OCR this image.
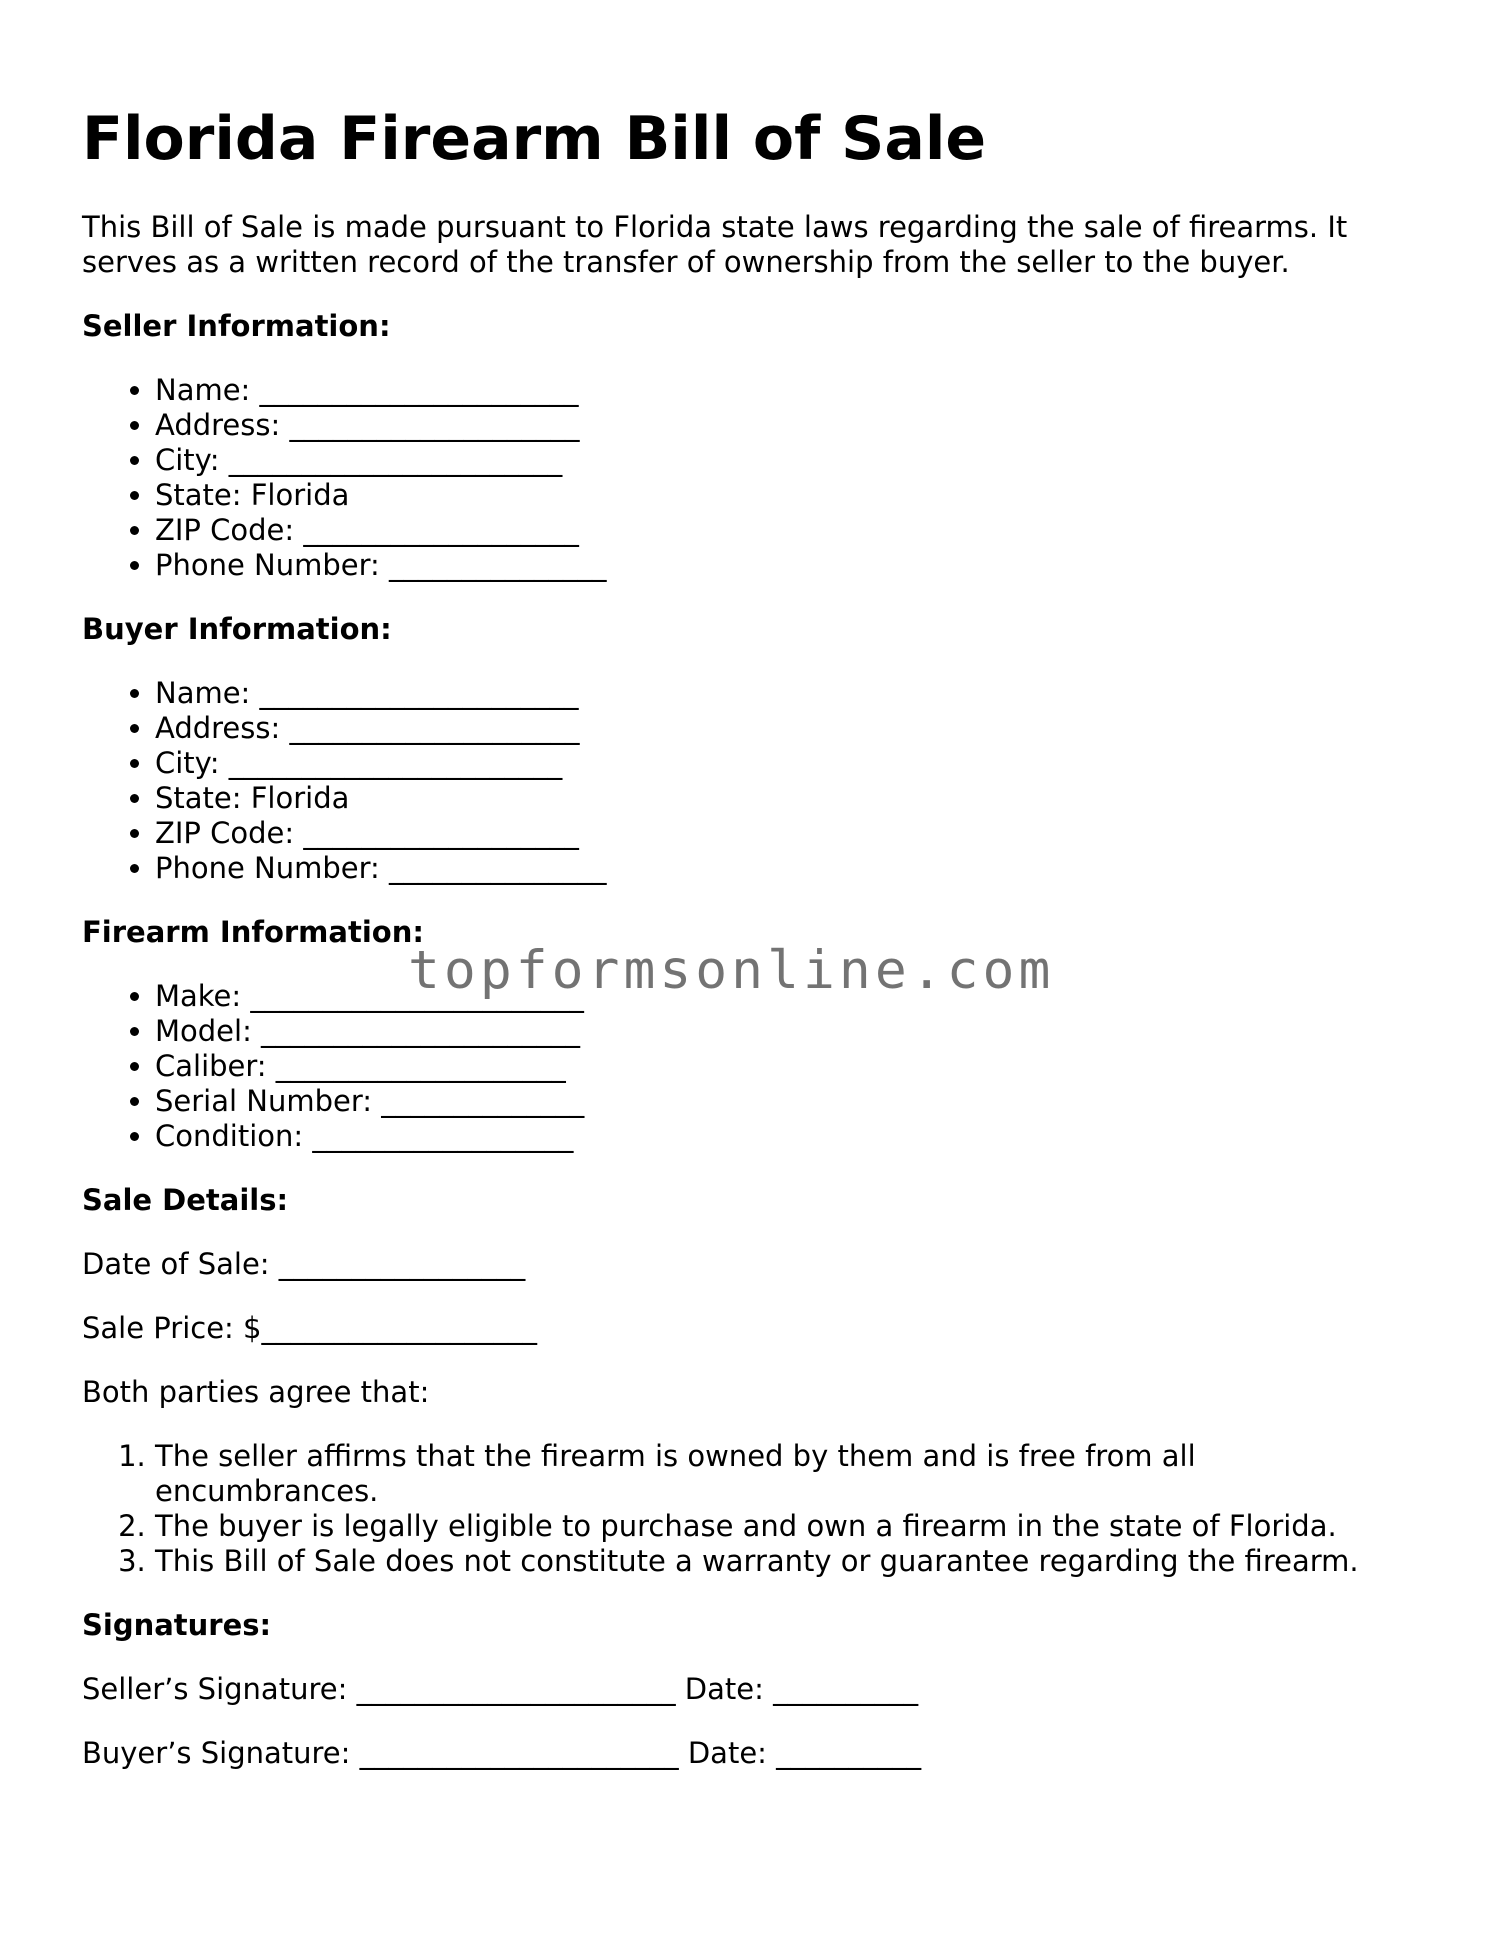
Florida Firearm Bill of Sale

This Bill of Sale is made pursuant to Florida state laws regarding the sale of firearms. It serves as a written record of the transfer of ownership from the seller to the buyer.

Seller Information:
• Name: ______________________
• Address: ____________________
• City: _______________________
• State: Florida
• ZIP Code: ___________________
• Phone Number: _______________
Buyer Information:
• Name: ______________________
• Address: ____________________
• City: _______________________
• State: Florida
• ZIP Code: ___________________
• Phone Number: _______________
Firearm Information:
• Make: _______________________
• Model: ______________________
• Caliber: ____________________
• Serial Number: ______________
• Condition: __________________
Sale Details:

Date of Sale: _________________

Sale Price: $___________________

Both parties agree that:

1. The seller affirms that the firearm is owned by them and is free from all encumbrances.
2. The buyer is legally eligible to purchase and own a firearm in the state of Florida.
3. This Bill of Sale does not constitute a warranty or guarantee regarding the firearm.
Signatures:

Seller’s Signature: ______________________ Date: __________

Buyer’s Signature: ______________________ Date: __________

topformsonline.com
